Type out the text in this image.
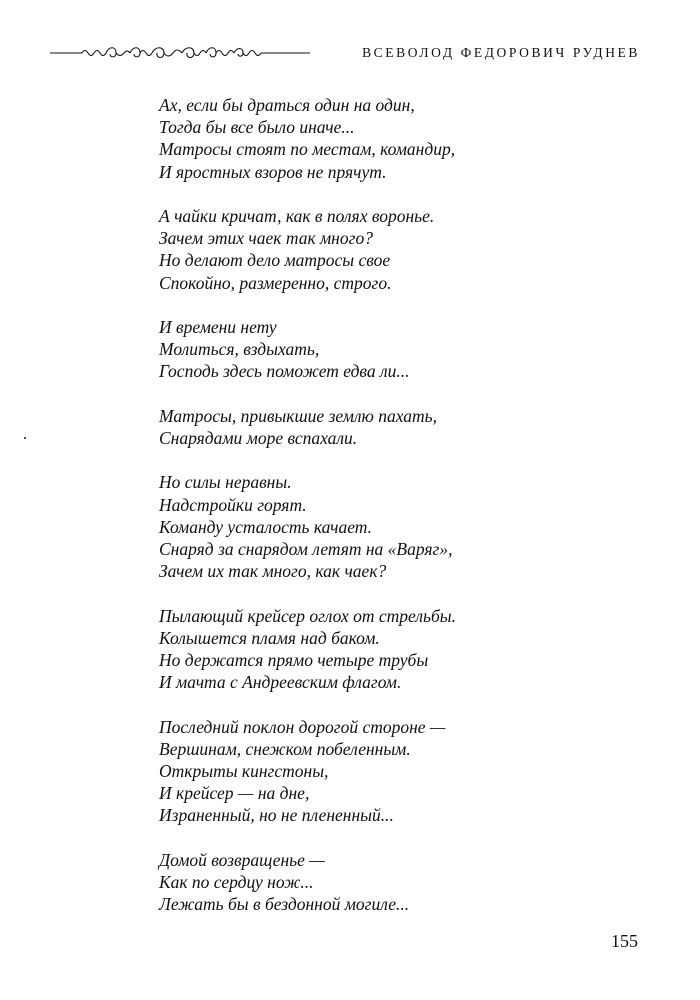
ВСЕВОЛОД ФЕДОРОВИЧ РУДНЕВ
Ах, если бы драться один на один,
Тогда бы все было иначе...
Матросы стоят по местам, командир,
И яростных взоров не прячут.
А чайки кричат, как в полях воронье.
Зачем этих чаек так много?
Но делают дело матросы свое
Спокойно, размеренно, строго.
И времени нету
Молиться, вздыхать,
Господь здесь поможет едва ли...
Матросы, привыкшие землю пахать,
Снарядами море вспахали.
Но силы неравны.
Надстройки горят.
Команду усталость качает.
Снаряд за снарядом летят на «Варяг»,
Зачем их так много, как чаек?
Пылающий крейсер оглох от стрельбы.
Колышется пламя над баком.
Но держатся прямо четыре трубы
И мачта с Андреевским флагом.
Последний поклон дорогой стороне —
Вершинам, снежком побеленным.
Открыты кингстоны,
И крейсер — на дне,
Израненный, но не плененный...
Домой возвращенье —
Как по сердцу нож...
Лежать бы в бездонной могиле...
155
